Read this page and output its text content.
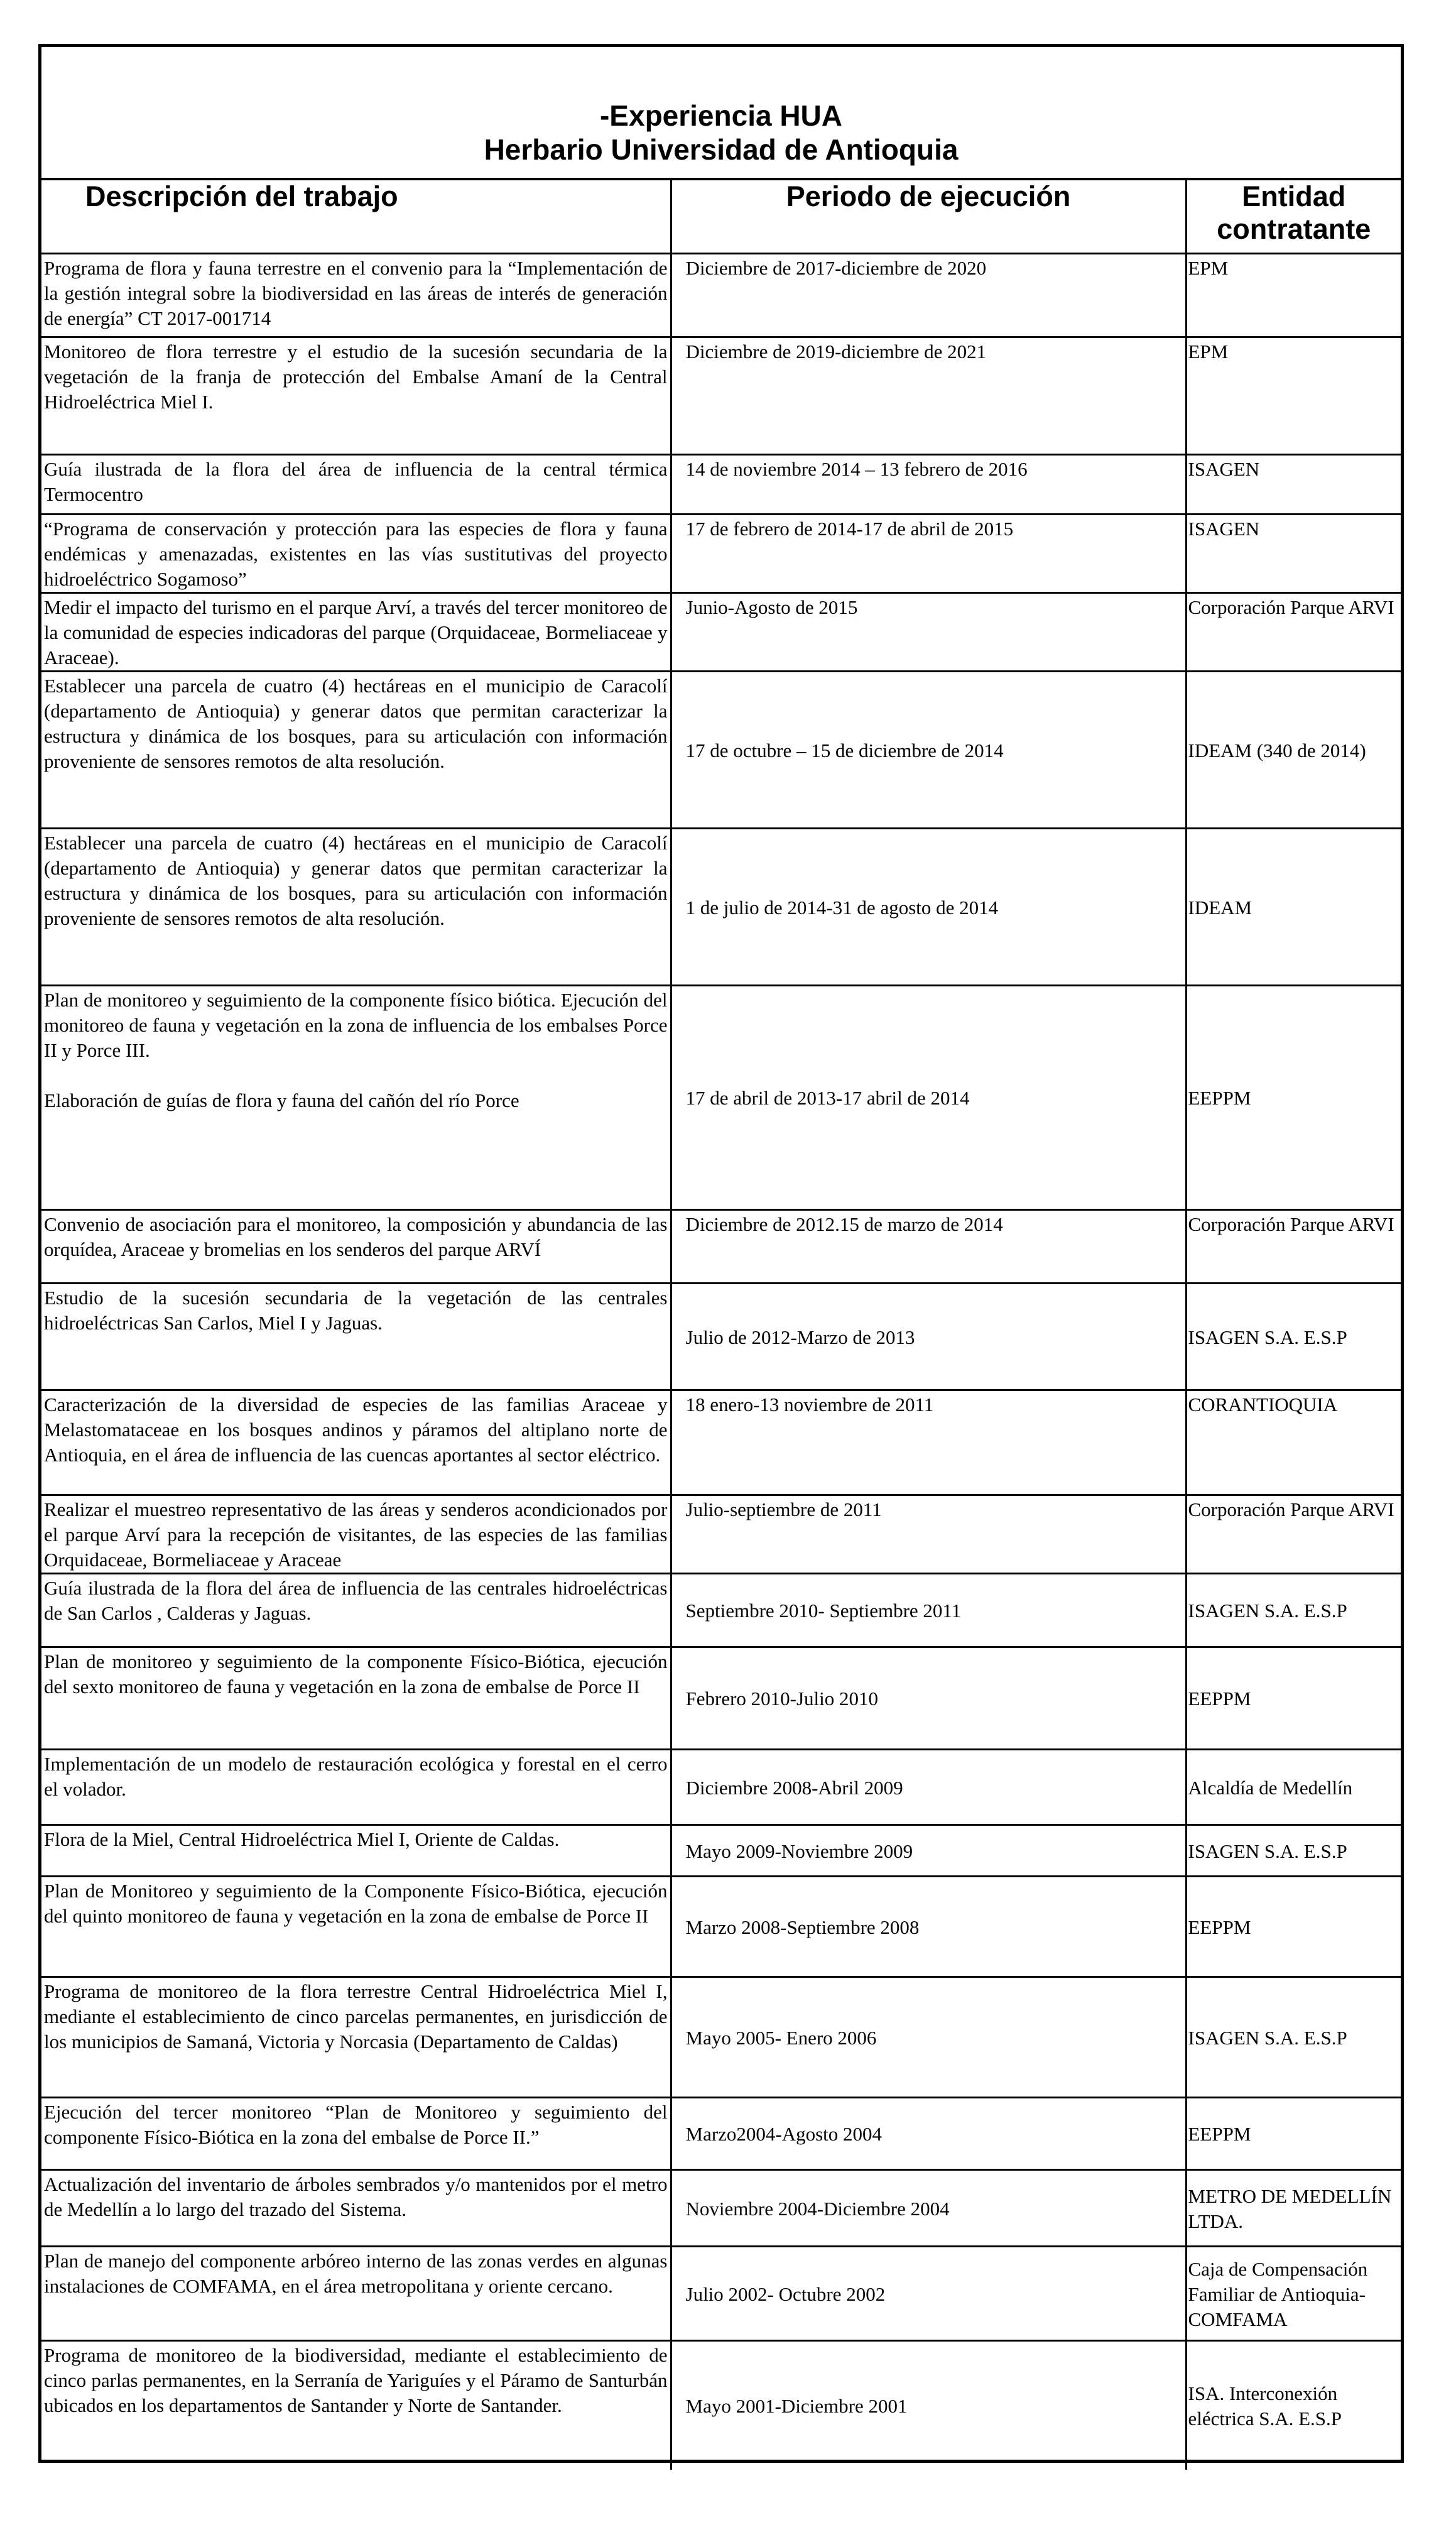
-Experiencia HUA
Herbario Universidad de Antioquia
Descripción del trabajo	Periodo de ejecución	Entidad contratante
Programa de flora y fauna terrestre en el convenio para la “Implementación de la gestión integral sobre la biodiversidad en las áreas de interés de generación de energía” CT 2017-001714	Diciembre de 2017-diciembre de 2020	EPM
Monitoreo de flora terrestre y el estudio de la sucesión secundaria de la vegetación de la franja de protección del Embalse Amaní de la Central Hidroeléctrica Miel I.	Diciembre de 2019-diciembre de 2021	EPM
Guía ilustrada de la flora del área de influencia de la central térmica Termocentro	14 de noviembre 2014 – 13 febrero de 2016	ISAGEN
“Programa de conservación y protección para las especies de flora y fauna endémicas y amenazadas, existentes en las vías sustitutivas del proyecto hidroeléctrico Sogamoso”	17 de febrero de 2014-17 de abril de 2015	ISAGEN
Medir el impacto del turismo en el parque Arví, a través del tercer monitoreo de la comunidad de especies indicadoras del parque (Orquidaceae, Bormeliaceae y Araceae).	Junio-Agosto de 2015	Corporación Parque ARVI
Establecer una parcela de cuatro (4) hectáreas en el municipio de Caracolí (departamento de Antioquia) y generar datos que permitan caracterizar la estructura y dinámica de los bosques, para su articulación con información proveniente de sensores remotos de alta resolución.	17 de octubre – 15 de diciembre de 2014	IDEAM (340 de 2014)
Establecer una parcela de cuatro (4) hectáreas en el municipio de Caracolí (departamento de Antioquia) y generar datos que permitan caracterizar la estructura y dinámica de los bosques, para su articulación con información proveniente de sensores remotos de alta resolución.	1 de julio de 2014-31 de agosto de 2014	IDEAM
Plan de monitoreo y seguimiento de la componente físico biótica. Ejecución del monitoreo de fauna y vegetación en la zona de influencia de los embalses Porce II y Porce III.

Elaboración de guías de flora y fauna del cañón del río Porce	17 de abril de 2013-17 abril de 2014	EEPPM
Convenio de asociación para el monitoreo, la composición y abundancia de las orquídea, Araceae y bromelias en los senderos del parque ARVÍ	Diciembre de 2012.15 de marzo de 2014	Corporación Parque ARVI
Estudio de la sucesión secundaria de la vegetación de las centrales hidroeléctricas San Carlos, Miel I y Jaguas.	Julio de 2012-Marzo de 2013	ISAGEN S.A. E.S.P
Caracterización de la diversidad de especies de las familias Araceae y Melastomataceae en los bosques andinos y páramos del altiplano norte de Antioquia, en el área de influencia de las cuencas aportantes al sector eléctrico.	18 enero-13 noviembre de 2011	CORANTIOQUIA
Realizar el muestreo representativo de las áreas y senderos acondicionados por el parque Arví para la recepción de visitantes, de las especies de las familias Orquidaceae, Bormeliaceae y Araceae	Julio-septiembre de 2011	Corporación Parque ARVI
Guía ilustrada de la flora del área de influencia de las centrales hidroeléctricas de San Carlos , Calderas y Jaguas.	Septiembre 2010- Septiembre 2011	ISAGEN S.A. E.S.P
Plan de monitoreo y seguimiento de la componente Físico-Biótica, ejecución del sexto monitoreo de fauna y vegetación en la zona de embalse de Porce II	Febrero 2010-Julio 2010	EEPPM
Implementación de un modelo de restauración ecológica y forestal en el cerro el volador.	Diciembre 2008-Abril 2009	Alcaldía de Medellín
Flora de la Miel, Central Hidroeléctrica Miel I, Oriente de Caldas.	Mayo 2009-Noviembre 2009	ISAGEN S.A. E.S.P
Plan de Monitoreo y seguimiento de la Componente Físico-Biótica, ejecución del quinto monitoreo de fauna y vegetación en la zona de embalse de Porce II	Marzo 2008-Septiembre 2008	EEPPM
Programa de monitoreo de la flora terrestre Central Hidroeléctrica Miel I, mediante el establecimiento de cinco parcelas permanentes, en jurisdicción de los municipios de Samaná, Victoria y Norcasia (Departamento de Caldas)	Mayo 2005- Enero 2006	ISAGEN S.A. E.S.P
Ejecución del tercer monitoreo “Plan de Monitoreo y seguimiento del componente Físico-Biótica en la zona del embalse de Porce II.”	Marzo2004-Agosto 2004	EEPPM
Actualización del inventario de árboles sembrados y/o mantenidos por el metro de Medellín a lo largo del trazado del Sistema.	Noviembre 2004-Diciembre 2004	METRO DE MEDELLÍN LTDA.
Plan de manejo del componente arbóreo interno de las zonas verdes en algunas instalaciones de COMFAMA, en el área metropolitana y oriente cercano.	Julio 2002- Octubre 2002	Caja de Compensación Familiar de Antioquia-COMFAMA
Programa de monitoreo de la biodiversidad, mediante el establecimiento de cinco parlas permanentes, en la Serranía de Yariguíes y el Páramo de Santurbán ubicados en los departamentos de Santander y Norte de Santander.	Mayo 2001-Diciembre 2001	ISA. Interconexión eléctrica S.A. E.S.P
